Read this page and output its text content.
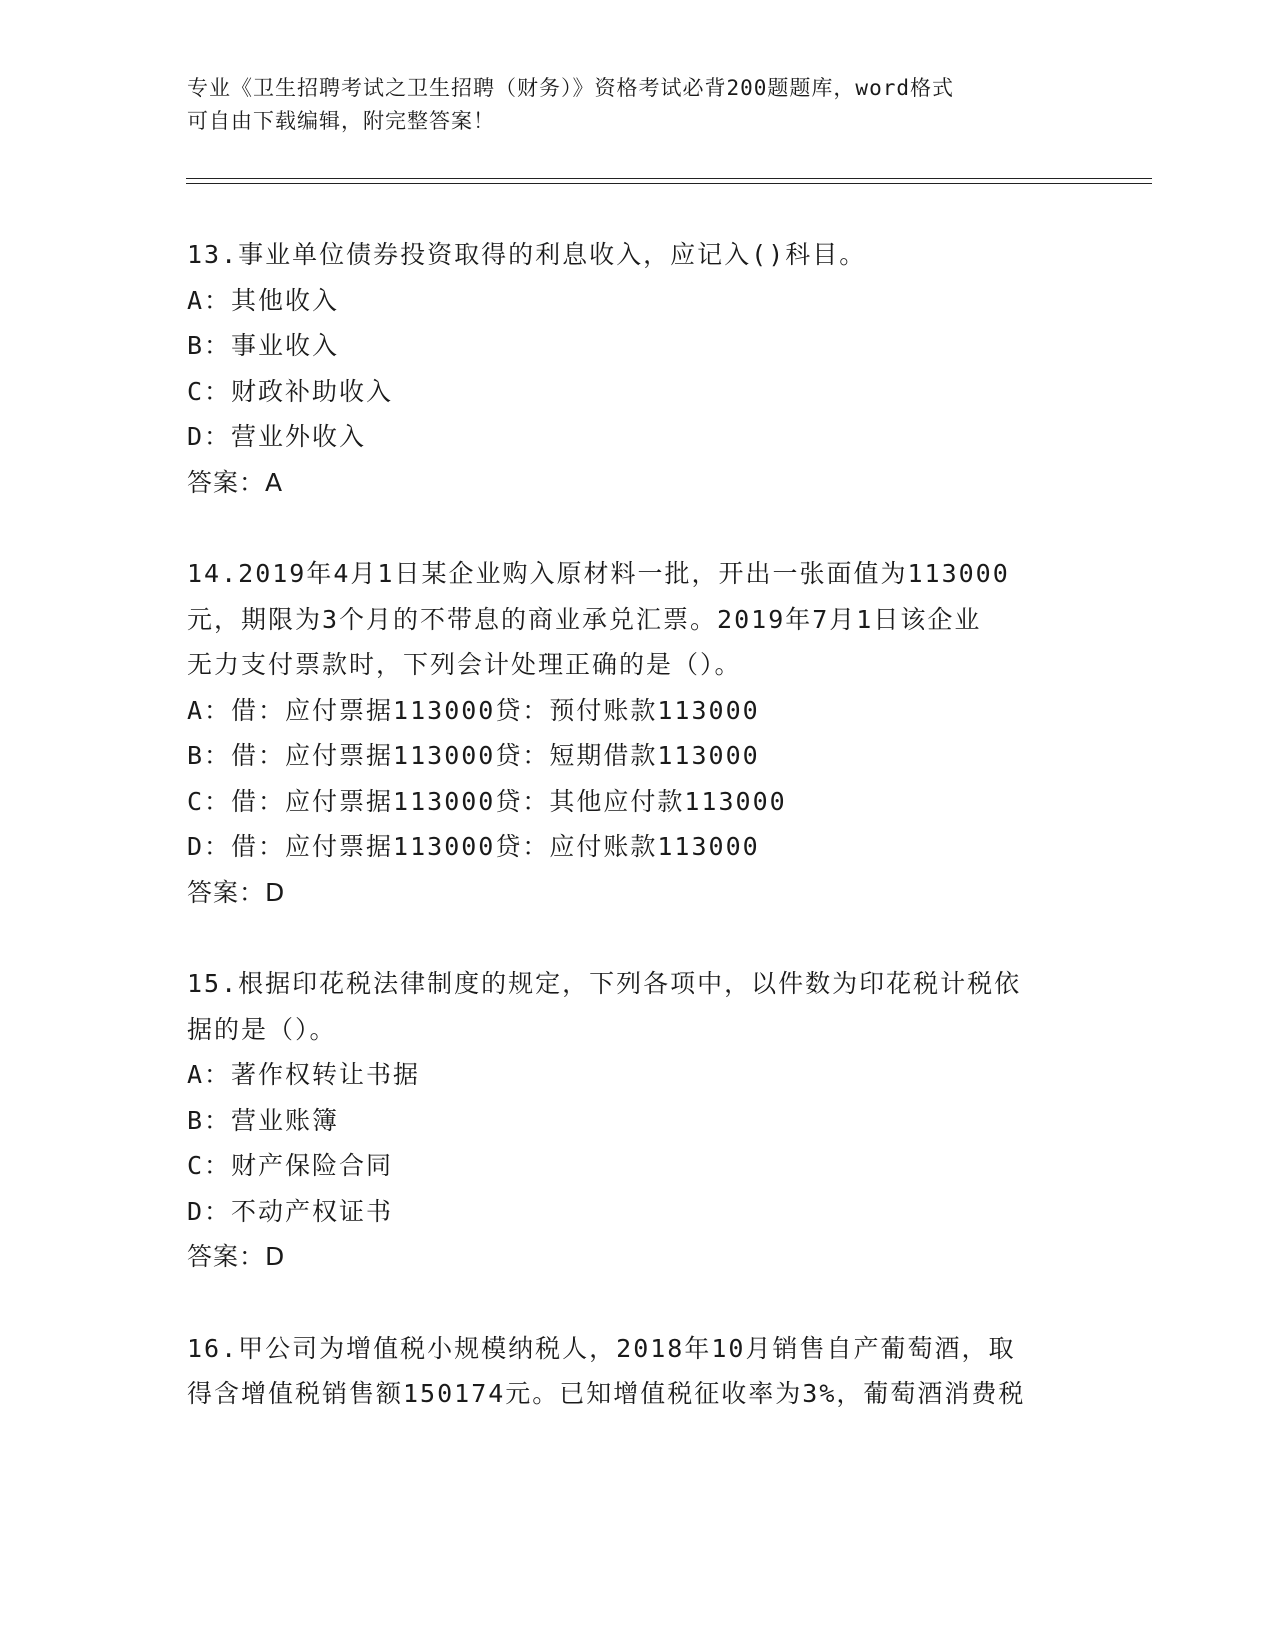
专业《卫生招聘考试之卫生招聘（财务）》资格考试必背200题题库，word格式
可自由下载编辑，附完整答案！
13.事业单位债券投资取得的利息收入，应记入()科目。
A：其他收入
B：事业收入
C：财政补助收入
D：营业外收入
答案：A
14.2019年4月1日某企业购入原材料一批，开出一张面值为113000
元，期限为3个月的不带息的商业承兑汇票。2019年7月1日该企业
无力支付票款时，下列会计处理正确的是（）。
A：借：应付票据113000贷：预付账款113000
B：借：应付票据113000贷：短期借款113000
C：借：应付票据113000贷：其他应付款113000
D：借：应付票据113000贷：应付账款113000
答案：D
15.根据印花税法律制度的规定，下列各项中，以件数为印花税计税依
据的是（）。
A：著作权转让书据
B：营业账簿
C：财产保险合同
D：不动产权证书
答案：D
16.甲公司为增值税小规模纳税人，2018年10月销售自产葡萄酒，取
得含增值税销售额150174元。已知增值税征收率为3%，葡萄酒消费税
